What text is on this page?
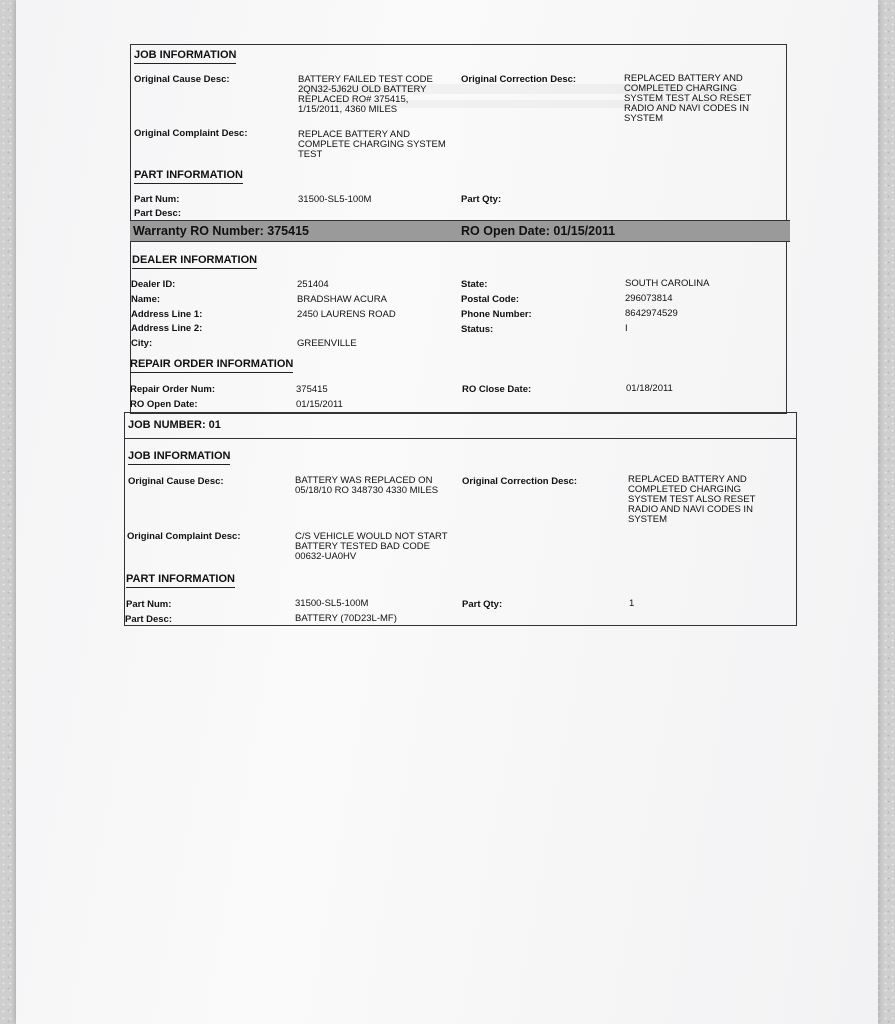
JOB INFORMATION
Original Cause Desc:	BATTERY FAILED TEST CODE 2QN32-5J62U OLD BATTERY REPLACED RO# 375415, 1/15/2011, 4360 MILES
Original Correction Desc:	REPLACED BATTERY AND COMPLETED CHARGING SYSTEM TEST ALSO RESET RADIO AND NAVI CODES IN SYSTEM
Original Complaint Desc:	REPLACE BATTERY AND COMPLETE CHARGING SYSTEM TEST
PART INFORMATION
Part Num:	31500-SL5-100M	Part Qty:
Part Desc:
Warranty RO Number: 375415	RO Open Date: 01/15/2011
DEALER INFORMATION
Dealer ID:	251404
Name:	BRADSHAW ACURA
Address Line 1:	2450 LAURENS ROAD
Address Line 2:
City:	GREENVILLE
State:	SOUTH CAROLINA
Postal Code:	296073814
Phone Number:	8642974529
Status:	I
REPAIR ORDER INFORMATION
Repair Order Num:	375415
RO Open Date:	01/15/2011
RO Close Date:	01/18/2011
JOB NUMBER: 01
JOB INFORMATION
Original Cause Desc:	BATTERY WAS REPLACED ON 05/18/10 RO 348730 4330 MILES
Original Correction Desc:	REPLACED BATTERY AND COMPLETED CHARGING SYSTEM TEST ALSO RESET RADIO AND NAVI CODES IN SYSTEM
Original Complaint Desc:	C/S VEHICLE WOULD NOT START BATTERY TESTED BAD CODE 00632-UA0HV
PART INFORMATION
Part Num:	31500-SL5-100M	Part Qty:	1
Part Desc:	BATTERY (70D23L-MF)
